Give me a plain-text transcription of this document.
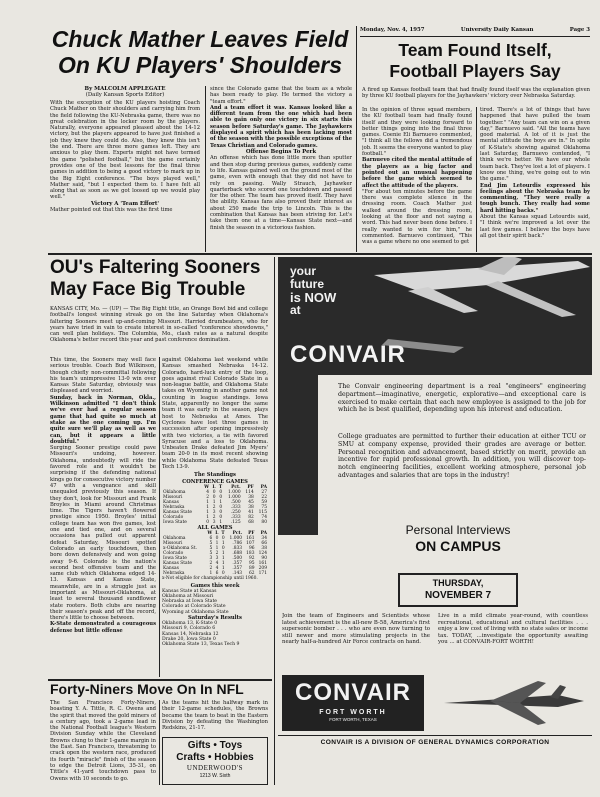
Chuck Mather Leaves Field
On KU Players' Shoulders
By MALCOLM APPLEGATE
(Daily Kansan Sports Editor)
With the exception of the KU players hoisting Coach Chuck Mather on their shoulders and carrying him from the field following the KU-Nebraska game, there was no great celebration in the locker room by the players. Naturally, everyone appeared pleased about the 14-12 victory, but the players appeared to have just finished a job they knew they could do. Also, they knew this isn't the end. There are three more games left. They are anxious to play them. Experts might not have termed the game "polished football," but the game certainly provides one of the best lessons for the final three games in addition to being a good victory to mark up in the Big Eight conference. "The boys played well," Mather said, "but I expected them to. I have felt all along that as soon as we got loosed up we would play well."
Victory A 'Team Effort'
Mather pointed out that this was the first time
since the Colorado game that the team as a whole has been ready to play. He termed the victory a "team effort."
And a team effort it was. Kansas looked like a different team from the one which had been able to gain only one victory in six starts this season before Saturday's game. The Jayhawkers displayed a spirit which has been lacking most of the season with the possible exceptions of the Texas Christian and Colorado games.
Offense Begins To Perk
An offense which has done little more than sputter and then stop during previous games, suddenly came to life. Kansas gained well on the ground most of the game, even with enough that they did not have to rely on passing. Wally Strauch, Jayhawker quarterback who scored one touchdown and passed for the other. The team has proved itself. They have the ability. Kansas fans also proved their interest as about 250 made the trip to Lincoln. This is the combination that Kansas has been striving for. Let's take them one at a time—Kansas State next—and finish the season in a victorious fashion.
Monday, Nov. 4, 1957	University Daily Kansan	Page 3
Team Found Itself,
Football Players Say
A fired up Kansas football team that had finally found itself was the explanation given by three KU football players for the Jayhawkers' victory over Nebraska Saturday.
In the opinion of three squad members, the KU football team had finally found itself and they were looking forward to better things going into the final three games. Coenie Eli Barnuevo commented, "I think all the fellows did a tremendous job. It seems the everyone wanted to play football."
Barnuevo cited the mental attitude of the players as a big factor and pointed out an unusual happening before the game which seemed to affect the attitude of the players.
"For about ten minutes before the game there was complete silence in the dressing room. Coach Mather just walked around the dressing room, looking at the floor and not saying a word. This had never been done before. I really wanted to win for him," he commented. Barnuevo continued, "This was a game where no one seemed to get
tired. There's a lot of things that have happened that have pulled the team together." "Any team can win on a given day," Barnuevo said. "All the teams have good material. A lot of it is just the mental attitude the boys are in." In spite of K-State's showing against Oklahoma last Saturday, Barnuevo contended, "I think we're better. We have our whole team back. They've lost a lot of players. I know one thing, we're going out to win the game."
End Jim Letourdis expressed his feelings about the Nebraska team by commenting, "They were really a tough bunch. They really had some hard hitting backs."
About the Kansas squad Letourdis said, "I think we're improved a lot over the last few games. I believe the boys have all got their spirit back."
OU's Faltering Sooners
May Face Big Trouble
KANSAS CITY, Mo. — (UP) — The Big Eight title, an Orange Bowl bid and college football's longest winning streak go on the line Saturday when Oklahoma's faltering Sooners meet up-and-coming Missouri. Harried drumbeaters, who for years have tried in vain to create interest in so-called "conference showdowns," can well plan holidays. The Columbia, Mo., clash rates as a natural despite Oklahoma's better record this year and past conference domination.
This time, the Sooners may well face serious trouble. Coach Bud Wilkinson, though chiefly non-committal following his team's unimpressive 13-0 win over Kansas State Saturday, obviously was displeased and worried.
Sunday, back in Norman, Okla., Wilkinson admitted "I don't think we've ever had a regular season game that had quite so much at stake as the one coming up. I'm quite sure we'll play as well as we can, but it appears a little doubtful."
Surging Sooner prestige could pave Missouri's undoing, however. Oklahoma, undoubtedly will ride the favored role and it wouldn't be surprising if the defending national kings go for consecutive victory number 47 with a vengeance and skill unequaled previously this season. If they don't, look for Missouri and Frank Broyles in Miami around Christmas time. The Tigers haven't flowered prestige since 1950. Broyles' initial college team has won five games, lost one and tied one, and on several occasions has pulled out apparent defeat Saturday, Missouri spotted Colorado an early touchdown, then bore down defensively and won going away 9-6. Colorado is the nation's second best offensive team and the same club which Oklahoma edged 14-13. Kansas and Kansas State, meanwhile, are in a struggle just as important as Missouri-Oklahoma, at least to several thousand sundflower state rooters. Both clubs are nearing their season's peak and off the record, there's little to choose between.
K-State demonstrated a courageous defense but little offense
against Oklahoma last weekend while Kansas smashed Nebraska 14-12. Colorado, hard-luck entry of the loop, goes against rival Colorado State in a non-league battle, and Oklahoma State takes on Wyoming in another game not counting in league standings. Iowa State, apparently no longer the same team it was early in the season, plays host to Nebraska at Ames. The Cyclones have lost three games in succession after opening impressively with two victories, a tie with favored Syracuse and a loss to Oklahoma. Unbeaten Drake defeated Jim Myers' team 20-0 in its most recent showing while Oklahoma State defeated Texas Tech 13-9.
The Standings
CONFERENCE GAMES
	W	L	T	Pct.	PF	PA
Oklahoma	4	0	0	1.000	114	27
Missouri	2	0	0	1.000	38	22
Kansas	1	1	1	.500	45	59
Nebraska	1	2	0	.333	38	75
Kansas State	1	3	0	.250	41	115
Colorado	1	2	0	.333	82	74
Iowa State	0	3	1	.125	68	80
ALL GAMES
	W	L	T	Pct.	PF	PA
Oklahoma	6	0	0	1.000	161	34
Missouri	5	1	1	.786	107	66
x-Oklahoma St.	5	1	0	.833	96	38
Colorado	5	2	1	.688	183	124
Iowa State	3	3	1	.500	92	90
Kansas State	2	4	1	.357	95	161
Kansas	2	4	1	.357	89	209
Nebraska	1	6	0	.143	62	171
x-Not eligible for championship until 1960.
Games this week
Kansas State at Kansas
Oklahoma at Missouri
Nebraska at Iowa State
Colorado at Colorado State
Wyoming at Oklahoma State
Saturday's Results
Oklahoma 13, K-State 0
Missouri 9, Colorado 6
Kansas 14, Nebraska 12
Drake 20, Iowa State 0
Oklahoma State 13, Texas Tech 9
Forty-Niners Move On In NFL
The San Francisco Forty-Niners, boasting Y. A. Tittle, R. C. Owens and the spirit that moved the gold miners of a century ago, took a 2-game lead in the National Football league's Western Division Sunday while the Cleveland Browns clung to their 1-game margin in the East. San Francisco, threatening to crack open the western race, produced its fourth "miracle" finish of the season to edge the Detroit Lions, 35-31, on Tittle's 41-yard touchdown pass to Owens with 10 seconds to go.
As the teams hit the halfway mark in their 12-game schedules, the Browns became the team to beat in the Eastern Division by defeating the Washington Redskins, 21-17.
Gifts • Toys
Crafts • Hobbies
UNDERWOOD'S
1213 W. Sixth
your
future
is NOW
at
CONVAIR
The Convair engineering department is a real "engineers" engineering department—imaginative, energetic, explorative—and exceptional care is exercised to make certain that each new employee is assigned to the job for which he is best qualified, depending upon his interest and education.
College graduates are permitted to further their education at either TCU or SMU at company expense, provided their grades are average or better. Personal recognition and advancement, based strictly on merit, provide an incentive for rapid professional growth. In addition, you will discover top-notch engineering facilities, excellent working atmosphere, personal job advantages and salaries that are tops in the industry!
Personal Interviews
ON CAMPUS
THURSDAY,
NOVEMBER 7
Join the team of Engineers and Scientists whose latest achievement is the all-new B-58, America's first supersonic bomber . . . who are even now turning to still newer and more stimulating projects in the nearly half-a-hundred Air Force contracts on hand.
Live in a mild climate year-round, with countless recreational, educational and cultural facilities . . . enjoy a low cost of living with no state sales or income tax. TODAY, ...investigate the opportunity awaiting you ... at CONVAIR-FORT WORTH!
CONVAIR
FORT WORTH
FORT WORTH, TEXAS
CONVAIR IS A DIVISION OF GENERAL DYNAMICS CORPORATION
